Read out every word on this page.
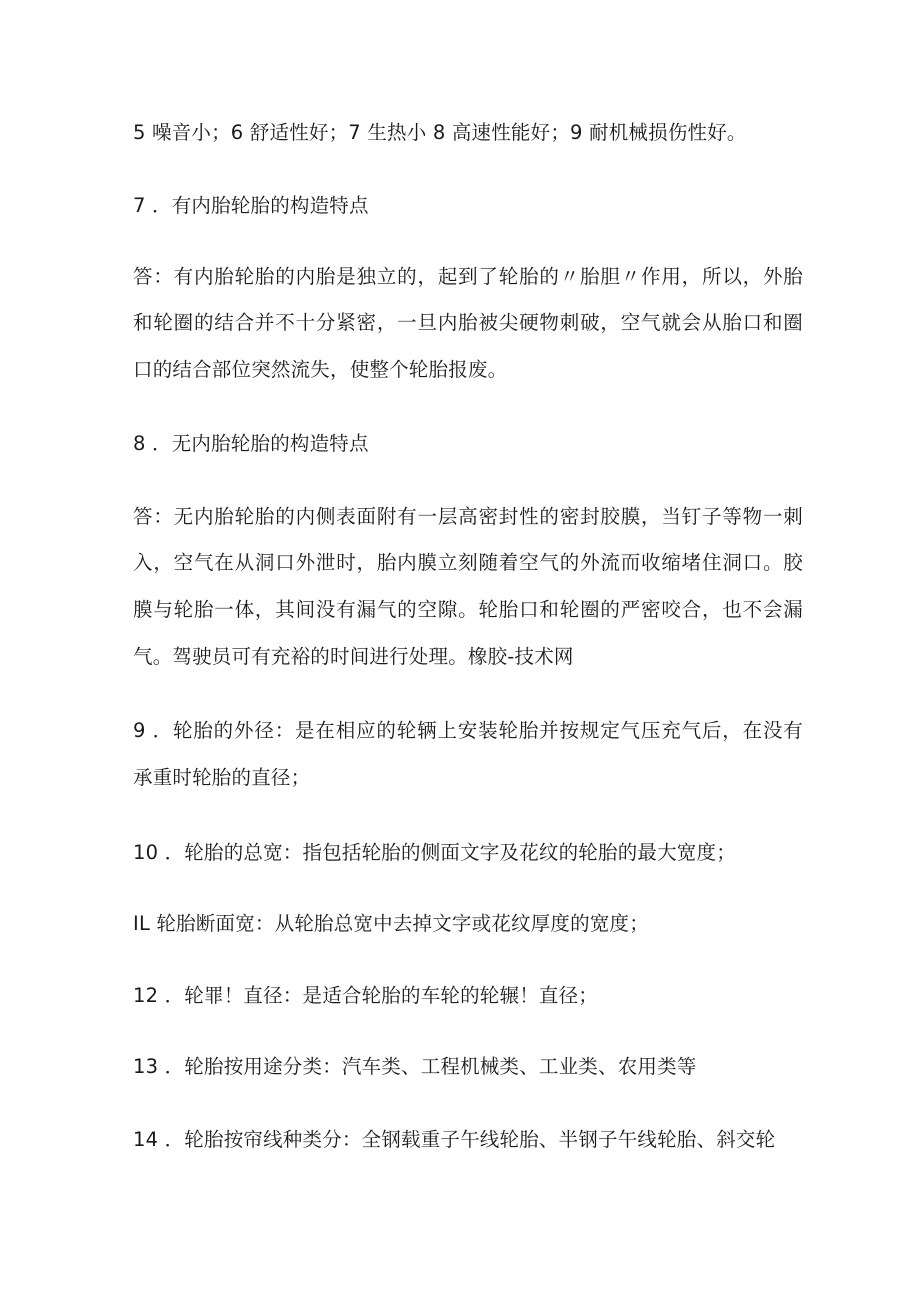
5 噪音小；6 舒适性好；7 生热小 8 高速性能好；9 耐机械损伤性好。
7 ．有内胎轮胎的构造特点
答：有内胎轮胎的内胎是独立的，起到了轮胎的〃胎胆〃作用，所以，外胎
和轮圈的结合并不十分紧密，一旦内胎被尖硬物刺破，空气就会从胎口和圈
口的结合部位突然流失，使整个轮胎报废。
8 ．无内胎轮胎的构造特点
答：无内胎轮胎的内侧表面附有一层高密封性的密封胶膜，当钉子等物一刺
入，空气在从洞口外泄时，胎内膜立刻随着空气的外流而收缩堵住洞口。胶
膜与轮胎一体，其间没有漏气的空隙。轮胎口和轮圈的严密咬合，也不会漏
气。驾驶员可有充裕的时间进行处理。橡胶-技术网
9 ．轮胎的外径：是在相应的轮辆上安装轮胎并按规定气压充气后，在没有
承重时轮胎的直径；
10 ．轮胎的总宽：指包括轮胎的侧面文字及花纹的轮胎的最大宽度；
IL 轮胎断面宽：从轮胎总宽中去掉文字或花纹厚度的宽度；
12 ．轮罪！直径：是适合轮胎的车轮的轮辗！直径；
13 ．轮胎按用途分类：汽车类、工程机械类、工业类、农用类等
14 ．轮胎按帘线种类分：全钢载重子午线轮胎、半钢子午线轮胎、斜交轮
